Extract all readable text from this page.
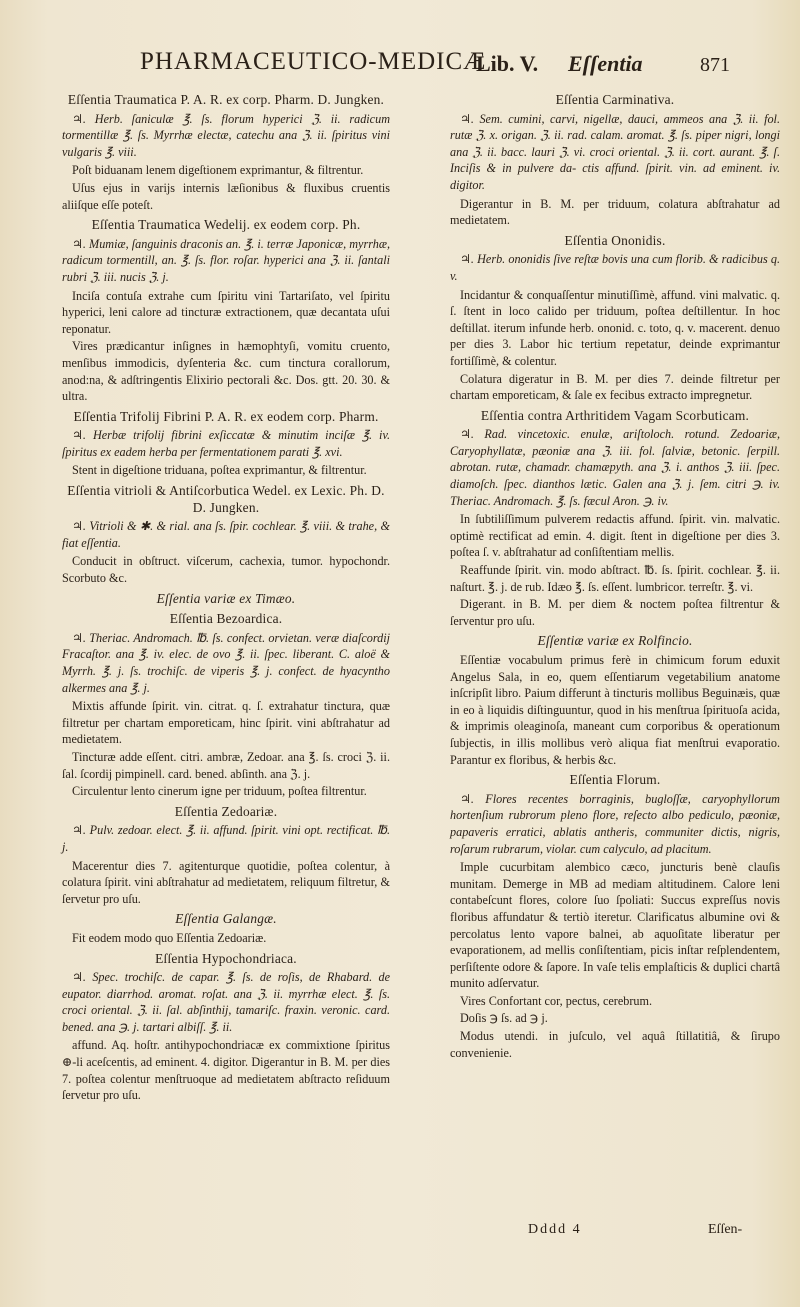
PHARMACEUTICO-MEDICÆ
Lib. V. Eſſentia	871
Eſſentia Traumatica P. A. R. ex corp. Pharm. D. Jungken.
♃. Herb. ſaniculæ ℥. ſs. florum hyperici ℨ. ii. radicum tormentillæ ℥. ſs. Myrrhæ electæ, catechu ana ℨ. ii. ſpiritus vini vulgaris ℥. viii.
Poſt biduanam lenem digeſtionem exprimantur, & filtrentur.
Uſus ejus in varijs internis læſionibus & fluxibus cruentis aliiſque eſſe poteſt.
Eſſentia Traumatica Wedelij. ex eodem corp. Ph.
♃. Mumiæ, ſanguinis draconis an. ℥. i. terræ Japonicæ, myrrhæ, radicum tormentill, an. ℥. ſs. flor. roſar. hyperici ana ℨ. ii. ſantali rubri ℨ. iii. nucis ℨ. j.
Inciſa contuſa extrahe cum ſpiritu vini Tartariſato, vel ſpiritu hyperici, leni calore ad tincturæ extractionem, quæ decantata uſui reponatur.
Vires prædicantur inſignes in hæmophtyſi, vomitu cruento, menſibus immodicis, dyſenteria &c. cum tinctura corallorum, anod:na, & adſtringentis Elixirio pectorali &c. Dos. gtt. 20. 30. & ultra.
Eſſentia Trifolij Fibrini P. A. R. ex eodem corp. Pharm.
♃. Herbæ trifolij fibrini exſiccatæ & minutim inciſæ ℥. iv. ſpiritus ex eadem herba per fermentationem parati ℥. xvi.
Stent in digeſtione triduana, poſtea exprimantur, & filtrentur.
Eſſentia vitrioli & Antiſcorbutica Wedel. ex Lexic. Ph. D. D. Jungken.
♃. Vitrioli & ✱. & rial. ana ſs. ſpir. cochlear. ℥. viii. & trahe, & fiat eſſentia.
Conducit in obſtruct. viſcerum, cachexia, tumor. hypochondr. Scorbuto &c.
Eſſentia variæ ex Timæo.
Eſſentia Bezoardica.
♃. Theriac. Andromach. ℔. ſs. confect. orvietan. veræ diaſcordij Fracaſtor. ana ℥. iv. elec. de ovo ℥. ii. ſpec. liberant. C. aloë & Myrrh. ℥. j. ſs. trochiſc. de viperis ℥. j. confect. de hyacyntho alkermes ana ℥. j.
Mixtis affunde ſpirit. vin. citrat. q. ſ. extrahatur tinctura, quæ filtretur per chartam emporeticam, hinc ſpirit. vini abſtrahatur ad medietatem.
Tincturæ adde eſſent. citri. ambræ, Zedoar. ana ℥. ſs. croci ℨ. ii. ſal. ſcordij pimpinell. card. bened. abſinth. ana ℨ. j.
Circulentur lento cinerum igne per triduum, poſtea filtrentur.
Eſſentia Zedoariæ.
♃. Pulv. zedoar. elect. ℥. ii. affund. ſpirit. vini opt. rectificat. ℔. j.
Macerentur dies 7. agitenturque quotidie, poſtea colentur, à colatura ſpirit. vini abſtrahatur ad medietatem, reliquum filtretur, & ſervetur pro uſu.
Eſſentia Galangæ.
Fit eodem modo quo Eſſentia Zedoariæ.
Eſſentia Hypochondriaca.
♃. Spec. trochiſc. de capar. ℥. ſs. de roſis, de Rhabard. de eupator. diarrhod. aromat. roſat. ana ℨ. ii. myrrhæ elect. ℥. ſs. croci oriental. ℨ. ii. ſal. abſinthij, tamariſc. fraxin. veronic. card. bened. ana ℈. j. tartari albiſſ. ℥. ii.
affund. Aq. hoſtr. antihypochondriacæ ex commixtione ſpiritus ⊕-li aceſcentis, ad eminent. 4. digitor. Digerantur in B. M. per dies 7. poſtea colentur menſtruoque ad medietatem abſtracto reſiduum ſervetur pro uſu.
Eſſentia Carminativa.
♃. Sem. cumini, carvi, nigellæ, dauci, ammeos ana ℨ. ii. fol. rutæ ℨ. x. origan. ℨ. ii. rad. calam. aromat. ℥. ſs. piper nigri, longi ana ℨ. ii. bacc. lauri ℨ. vi. croci oriental. ℨ. ii. cort. aurant. ℥. ſ. Inciſis & in pulvere da- ctis affund. ſpirit. vin. ad eminent. iv. digitor.
Digerantur in B. M. per triduum, colatura abſtrahatur ad medietatem.
Eſſentia Ononidis.
♃. Herb. ononidis ſive reſtæ bovis una cum florib. & radicibus q. v.
Incidantur & conquaſſentur minutiſſimè, affund. vini malvatic. q. ſ. ſtent in loco calido per triduum, poſtea deſtillentur. In hoc deſtillat. iterum infunde herb. ononid. c. toto, q. v. macerent. denuo per dies 3. Labor hic tertium repetatur, deinde exprimantur fortiſſimè, & colentur.
Colatura digeratur in B. M. per dies 7. deinde filtretur per chartam emporeticam, & ſale ex fecibus extracto impregnetur.
Eſſentia contra Arthritidem Vagam Scorbuticam.
♃. Rad. vincetoxic. enulæ, ariſtoloch. rotund. Zedoariæ, Caryophyllatæ, pæoniæ ana ℨ. iii. fol. ſalviæ, betonic. ſerpill. abrotan. rutæ, chamadr. chamæpyth. ana ℨ. i. anthos ℨ. iii. ſpec. diamoſch. ſpec. dianthos lætic. Galen ana ℨ. j. ſem. citri ℈. iv. Theriac. Andromach. ℥. ſs. fæcul Aron. ℈. iv.
In ſubtiliſſimum pulverem redactis affund. ſpirit. vin. malvatic. optimè rectificat ad emin. 4. digit. ſtent in digeſtione per dies 3. poſtea ſ. v. abſtrahatur ad conſiſtentiam mellis.
Reaffunde ſpirit. vin. modo abſtract. ℔. ſs. ſpirit. cochlear. ℥. ii. naſturt. ℥. j. de rub. Idæo ℥. ſs. eſſent. lumbricor. terreſtr. ℥. vi.
Digerant. in B. M. per diem & noctem poſtea filtrentur & ſerventur pro uſu.
Eſſentiæ variæ ex Rolfincio.
Eſſentiæ vocabulum primus ferè in chimicum forum eduxit Angelus Sala, in eo, quem eſſentiarum vegetabilium anatome inſcripſit libro. Paium differunt à tincturis mollibus Beguinæis, quæ in eo à liquidis diſtinguuntur, quod in his menſtrua ſpirituoſa acida, & imprimis oleaginoſa, maneant cum corporibus & operationum ſubjectis, in illis mollibus verò aliqua fiat menſtrui evaporatio. Parantur ex floribus, & herbis &c.
Eſſentia Florum.
♃. Flores recentes borraginis, bugloſſæ, caryophyllorum hortenſium rubrorum pleno flore, reſecto albo pediculo, pæoniæ, papaveris erratici, ablatis antheris, communiter dictis, nigris, roſarum rubrarum, violar. cum calyculo, ad placitum.
Imple cucurbitam alembico cæco, juncturis benè clauſis munitam. Demerge in MB ad mediam altitudinem. Calore leni contabeſcunt flores, colore ſuo ſpoliati: Succus expreſſus novis floribus affundatur & tertiò iteretur. Clarificatus albumine ovi & percolatus lento vapore balnei, ab aquoſitate liberatur per evaporationem, ad mellis conſiſtentiam, picis inſtar reſplendentem, perſiſtente odore & ſapore. In vaſe telis emplaſticis & duplici chartâ munito adſervatur.
Vires Confortant cor, pectus, cerebrum.
Doſis ℈ ſs. ad ℈ j.
Modus utendi. in juſculo, vel aquâ ſtillatitiâ, & ſirupo convenienie.
Dddd 4	Eſſen-
